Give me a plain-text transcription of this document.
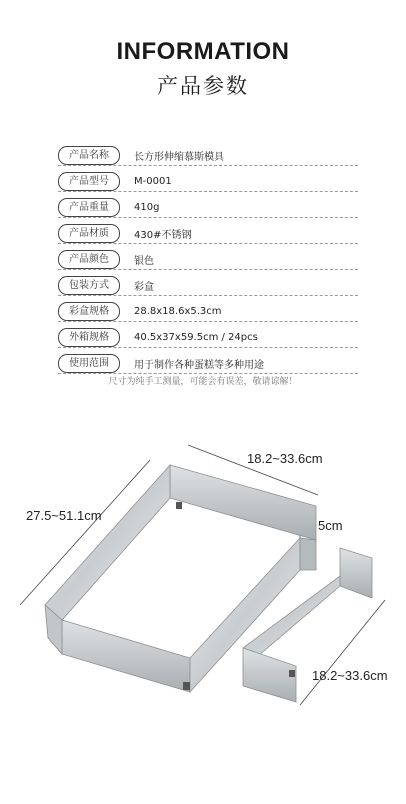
INFORMATION
产品参数
产品名称	长方形伸缩慕斯模具
产品型号	M-0001
产品重量	410g
产品材质	430#不锈钢
产品颜色	银色
包装方式	彩盒
彩盒规格	28.8x18.6x5.3cm
外箱规格	40.5x37x59.5cm / 24pcs
使用范围	用于制作各种蛋糕等多种用途
尺寸为纯手工测量，可能会有误差，敬请谅解！
18.2~33.6cm
27.5~51.1cm
5cm
18.2~33.6cm
